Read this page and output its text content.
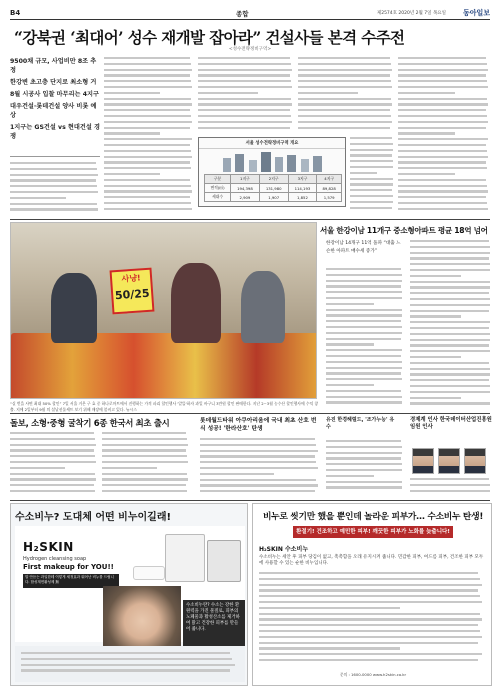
B4	종합	제2574호 2020년 2월 7일 목요일 동아일보
“강북권 ‘최대어’ 성수 재개발 잡아라” 건설사들 본격 수주전
<성수전략정비구역>
9500채 규모, 사업비만 8조 추정
한강변 초고층 단지로 최소형 거
8월 시공사 입찰 마무리는 4지구
대우건설·롯데건설 양사 비롯 예상
1지구는 GS건설 vs 현대건설 경쟁
서울 성수전략정비구역 개요
구분	1지구	2지구	3지구	4지구
면적(㎡)	194,398	131,980	114,193	89,828
세대수	2,909	1,907	1,852	1,579
사냥!
50/25
“실 번을 사면 최대 50% 할인” 7일 서울 거은 구 효 중 하나로마트에서 진행하는 가격 파괴 할인행사 '알뜰'하자 과일 바구니 3만원 할인 판매한다. 지난 2~3월 농수산 할인행사에 수익 창출. 지에 2일부터 9월 의 설날선물세트 보기 위해 매장에 붐비고 있다. 뉴시스
서울 한강이남 11개구 중소형아파트 평균 18억 넘어
한강이남 14개구 11억 돌파 “대출 느슨한 아파트 매수세 증가”
돌보, 소형·중형 굴착기 6종 한국서 최초 출시	롯데월드타워 아쿠아리움에 국내 최초 산호 번식 성공! '한라산호' 탄생
유진 한경헤럴드, '조가누능' 유수
경제계 인사 한국데이터산업진흥원 임원 인사
수소비누? 도대체 어떤 비누이길래!
H₂SKIN
Hydrogen cleansing soap
First makeup for YOU!!
말 안듣는 과일한테 이렇게 세정효과 뛰어난 비누를 드립니다. 합성계면활성제 無
수소비누란? 수소는 강한 환원력을 가진 물질로, 피부의 노폐물과 활성산소를 제거하여 맑고 건강한 피부를 만들어 줍니다.
비누로 씻기만 했을 뿐인데 놀라운 피부가… 수소비누 탄생!
환절기! 건조하고 예민한 피부! 깨끗한 피부가 노화를 늦출니다!
H₂SKIN 수소비누
수소비누는 세안 후 피부 당김이 없고, 촉촉함을 오래 유지시켜 줍니다. 민감한 피부, 여드름 피부, 건조한 피부 모두에 사용할 수 있는 순한 비누입니다.
문의 : 1600-0000 www.h2skin.co.kr
